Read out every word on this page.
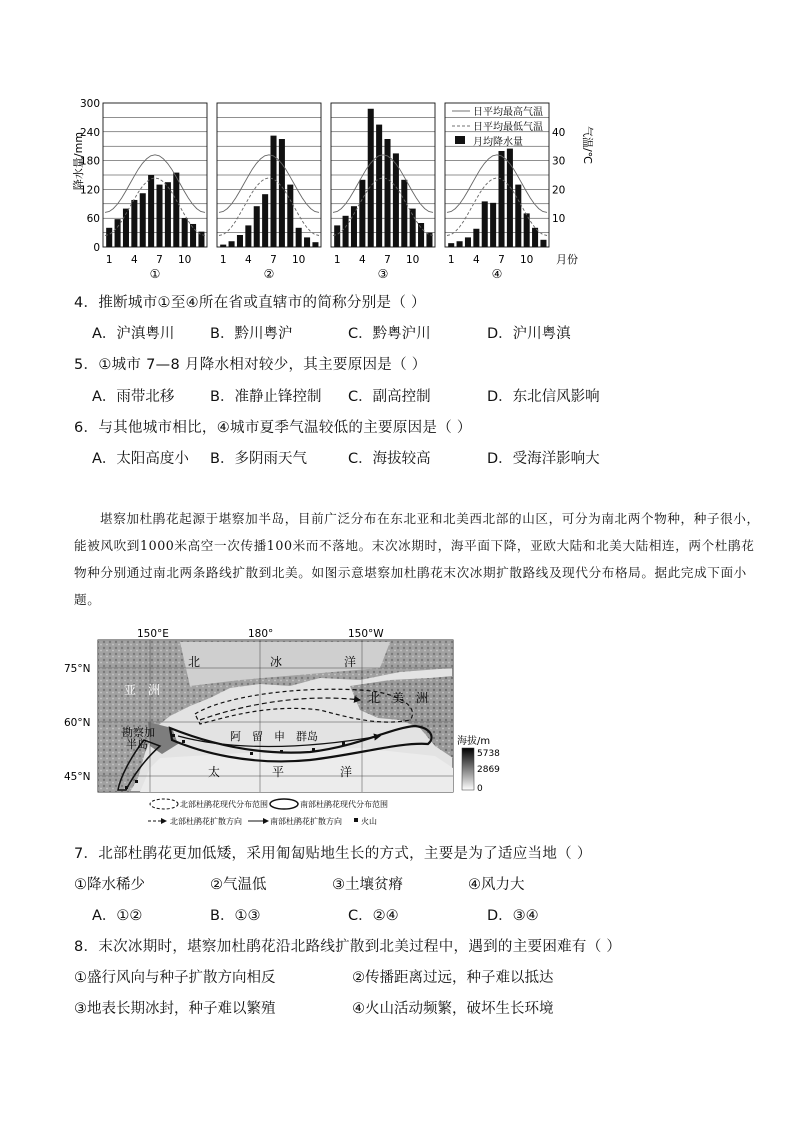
降水量/mm
300
240
180
120
60
0
气温/℃
40
30
20
10
1 4 7 10
①
1 4 7 10
②
1 4 7 10
③
1 4 7 10
④
日平均最高气温
日平均最低气温
月均降水量
月份
4．推断城市①至④所在省或直辖市的简称分别是（ ）
A．沪滇粤川 B．黔川粤沪	C．黔粤沪川	D．沪川粤滇
5．①城市 7—8 月降水相对较少，其主要原因是（ ）
A．雨带北移 B．准静止锋控制 C．副高控制	D．东北信风影响
6．与其他城市相比，④城市夏季气温较低的主要原因是（ ）
A．太阳高度小 B．多阴雨天气	C．海拔较高	D．受海洋影响大

堪察加杜鹃花起源于堪察加半岛，目前广泛分布在东北亚和北美西北部的山区，可分为南北两个物种，种子很小，能被风吹到1000米高空一次传播100米而不落地。末次冰期时，海平面下降，亚欧大陆和北美大陆相连，两个杜鹃花物种分别通过南北两条路线扩散到北美。如图示意堪察加杜鹃花末次冰期扩散路线及现代分布格局。据此完成下面小题。

150°E	180°	150°W
75°N
60°N
45°N
北	冰	洋
亚　洲
北　美　洲
勘察加
半岛
阿　留　申　群岛
太	平	洋
海拔/m
5738
2869
0
北部杜鹃花现代分布范围	南部杜鹃花现代分布范围
北部杜鹃花扩散方向	南部杜鹃花扩散方向 火山
7．北部杜鹃花更加低矮，采用匍匐贴地生长的方式，主要是为了适应当地（ ）
①降水稀少	②气温低	③土壤贫瘠	④风力大
A．①②	B．①③	C．②④	D．③④
8．末次冰期时，堪察加杜鹃花沿北路线扩散到北美过程中，遇到的主要困难有（ ）
①盛行风向与种子扩散方向相反	②传播距离过远，种子难以抵达
③地表长期冰封，种子难以繁殖	④火山活动频繁，破坏生长环境
